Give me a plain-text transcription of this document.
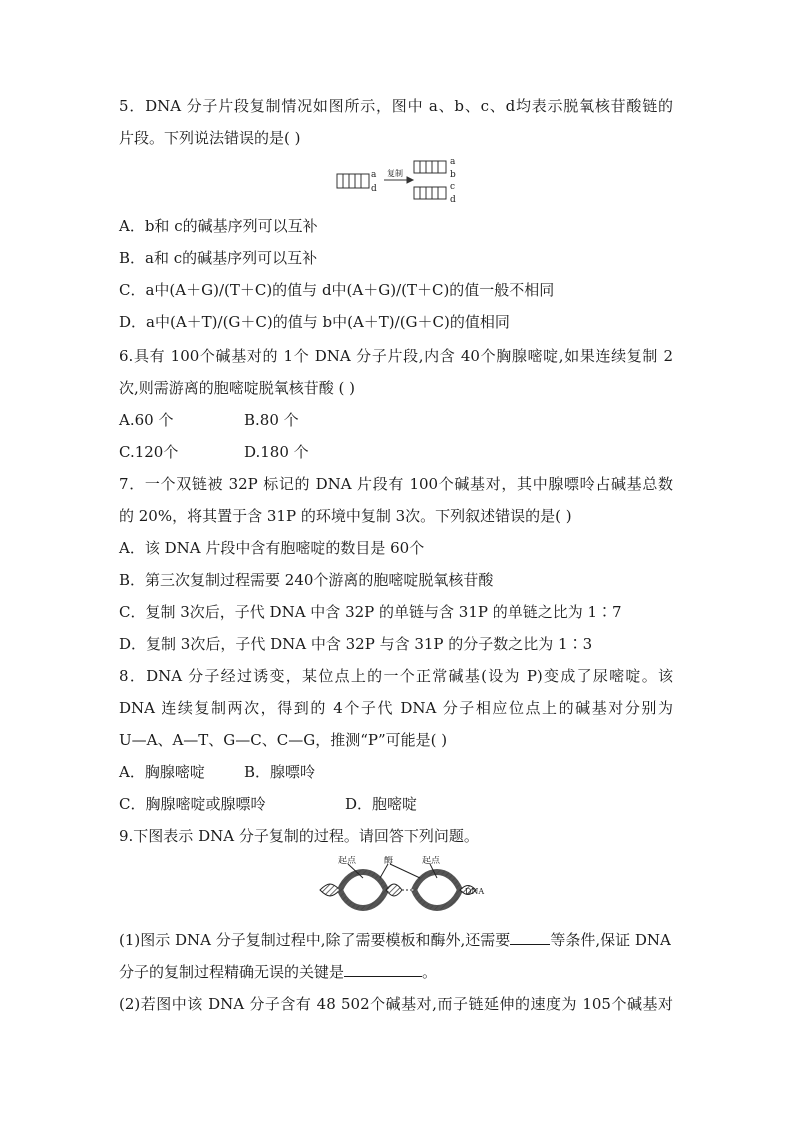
5．DNA 分子片段复制情况如图所示，图中 a、b、c、d均表示脱氧核苷酸链的
片段。下列说法错误的是( )
a 复制
d
a
b
c
d
A．b和 c的碱基序列可以互补
B．a和 c的碱基序列可以互补
C．a中(A＋G)/(T＋C)的值与 d中(A＋G)/(T＋C)的值一般不相同
D．a中(A＋T)/(G＋C)的值与 b中(A＋T)/(G＋C)的值相同
6.具有 100个碱基对的 1个 DNA 分子片段,内含 40个胸腺嘧啶,如果连续复制 2
次,则需游离的胞嘧啶脱氧核苷酸 ( )
A.60 个	B.80 个
C.120个	D.180 个
7．一个双链被 32P 标记的 DNA 片段有 100个碱基对，其中腺嘌呤占碱基总数
的 20%，将其置于含 31P 的环境中复制 3次。下列叙述错误的是( )
A．该 DNA 片段中含有胞嘧啶的数目是 60个
B．第三次复制过程需要 240个游离的胞嘧啶脱氧核苷酸
C．复制 3次后，子代 DNA 中含 32P 的单链与含 31P 的单链之比为 1∶7
D．复制 3次后，子代 DNA 中含 32P 与含 31P 的分子数之比为 1∶3
8．DNA 分子经过诱变，某位点上的一个正常碱基(设为 P)变成了尿嘧啶。该
DNA 连续复制两次，得到的 4个子代 DNA 分子相应位点上的碱基对分别为
U—A、A—T、G—C、C—G，推测“P”可能是( )
A．胸腺嘧啶	B．腺嘌呤
C．胸腺嘧啶或腺嘌呤	D．胞嘧啶
9.下图表示 DNA 分子复制的过程。请回答下列问题。
起点	酶	起点
DNA
(1)图示 DNA 分子复制过程中,除了需要模板和酶外,还需要	等条件,保证 DNA
分子的复制过程精确无误的关键是	。
(2)若图中该 DNA 分子含有 48 502个碱基对,而子链延伸的速度为 105个碱基对
